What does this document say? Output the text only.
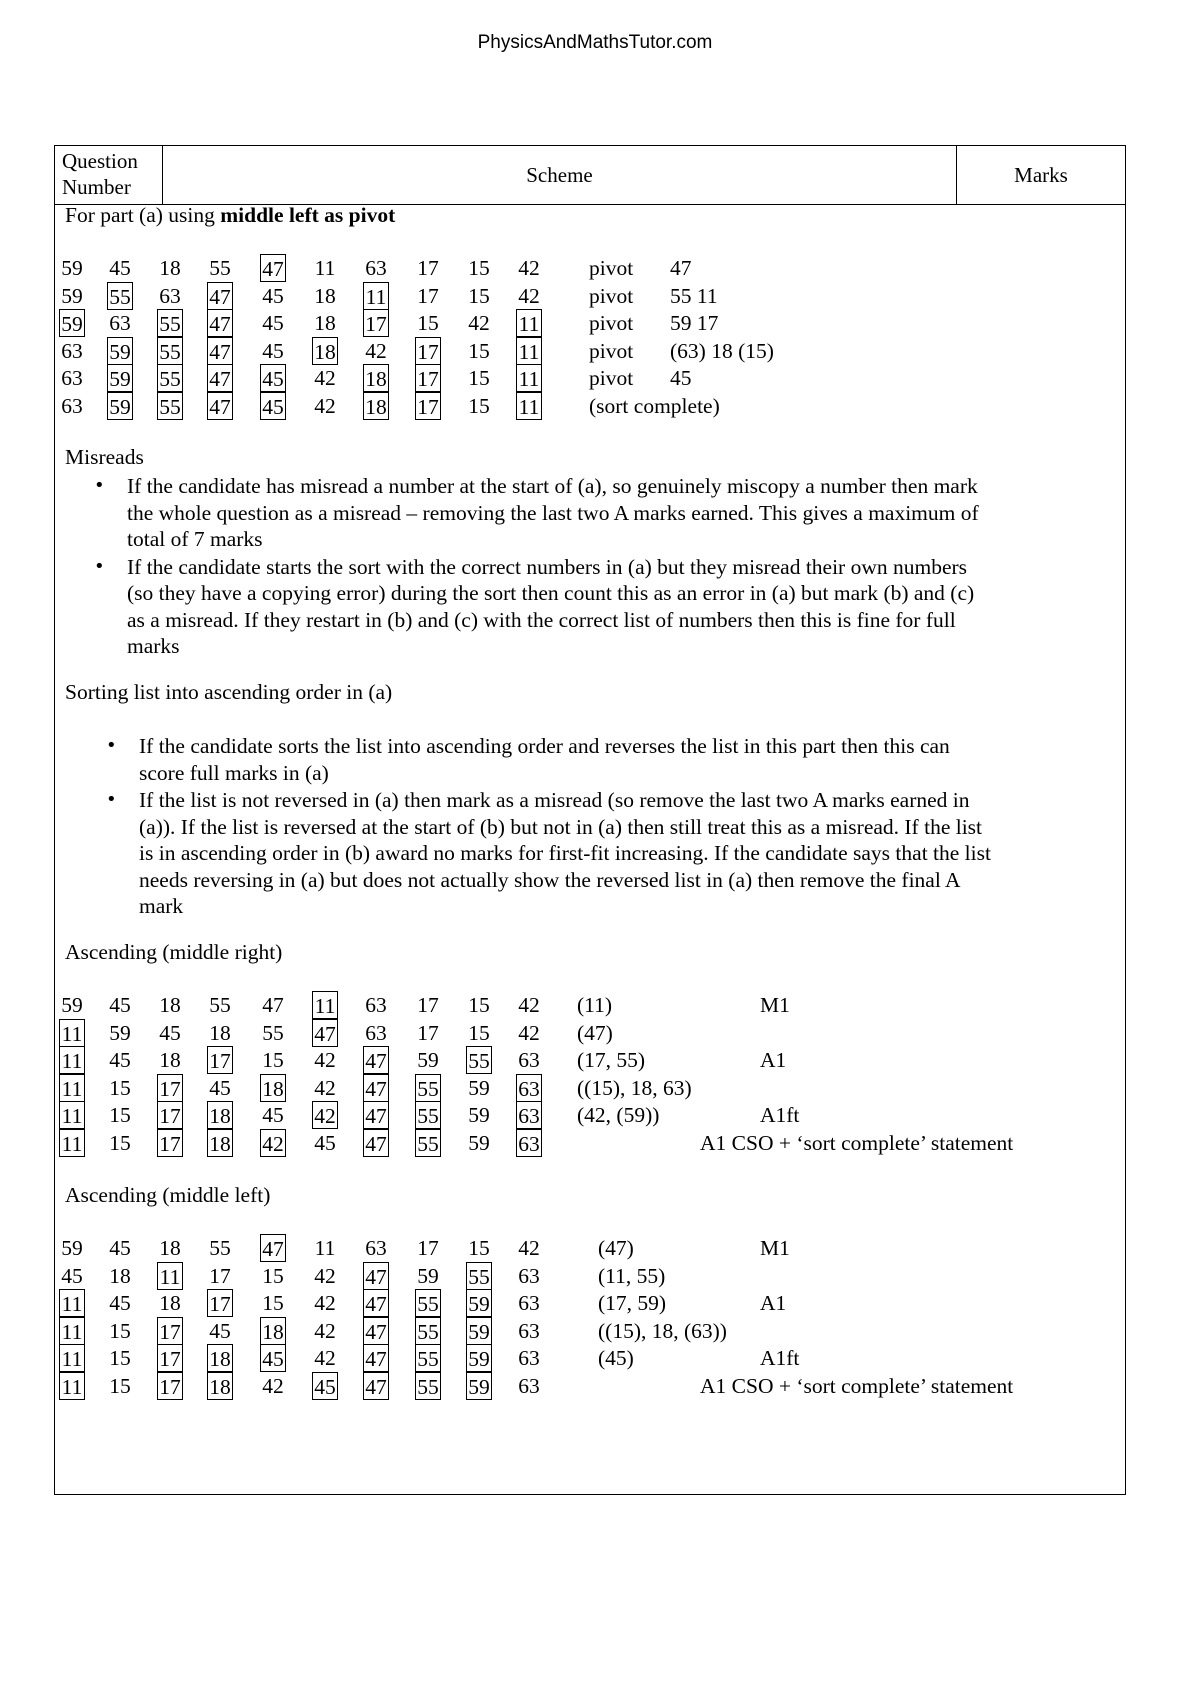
PhysicsAndMathsTutor.com
Question
Number
Scheme	Marks
For part (a) using middle left as pivot
59 45 18 55 47 11 63 17 15 42 pivot 47
59 55 63 47 45 18 11 17 15 42 pivot 55 11
59 63 55 47 45 18 17 15 42 11 pivot 59 17
63 59 55 47 45 18 42 17 15 11 pivot (63) 18 (15)
63 59 55 47 45 42 18 17 15 11 pivot 45
63 59 55 47 45 42 18 17 15 11 (sort complete)
Misreads
• If the candidate has misread a number at the start of (a), so genuinely miscopy a number then mark
the whole question as a misread – removing the last two A marks earned. This gives a maximum of
total of 7 marks
• If the candidate starts the sort with the correct numbers in (a) but they misread their own numbers
(so they have a copying error) during the sort then count this as an error in (a) but mark (b) and (c)
as a misread. If they restart in (b) and (c) with the correct list of numbers then this is fine for full
marks
Sorting list into ascending order in (a)
• If the candidate sorts the list into ascending order and reverses the list in this part then this can
score full marks in (a)
• If the list is not reversed in (a) then mark as a misread (so remove the last two A marks earned in
(a)). If the list is reversed at the start of (b) but not in (a) then still treat this as a misread. If the list
is in ascending order in (b) award no marks for first-fit increasing. If the candidate says that the list
needs reversing in (a) but does not actually show the reversed list in (a) then remove the final A
mark
Ascending (middle right)
59 45 18 55 47 11 63 17 15 42 (11)	M1
11 59 45 18 55 47 63 17 15 42 (47)
11 45 18 17 15 42 47 59 55 63 (17, 55)	A1
11 15 17 45 18 42 47 55 59 63 ((15), 18, 63)
11 15 17 18 45 42 47 55 59 63 (42, (59))	A1ft
11 15 17 18 42 45 47 55 59 63	A1 CSO + ‘sort complete’ statement
Ascending (middle left)
59 45 18 55 47 11 63 17 15 42	(47)	M1
45 18 11 17 15 42 47 59 55 63	(11, 55)
11 45 18 17 15 42 47 55 59 63	(17, 59)	A1
11 15 17 45 18 42 47 55 59 63	((15), 18, (63))
11 15 17 18 45 42 47 55 59 63	(45)	A1ft
11 15 17 18 42 45 47 55 59 63	A1 CSO + ‘sort complete’ statement
